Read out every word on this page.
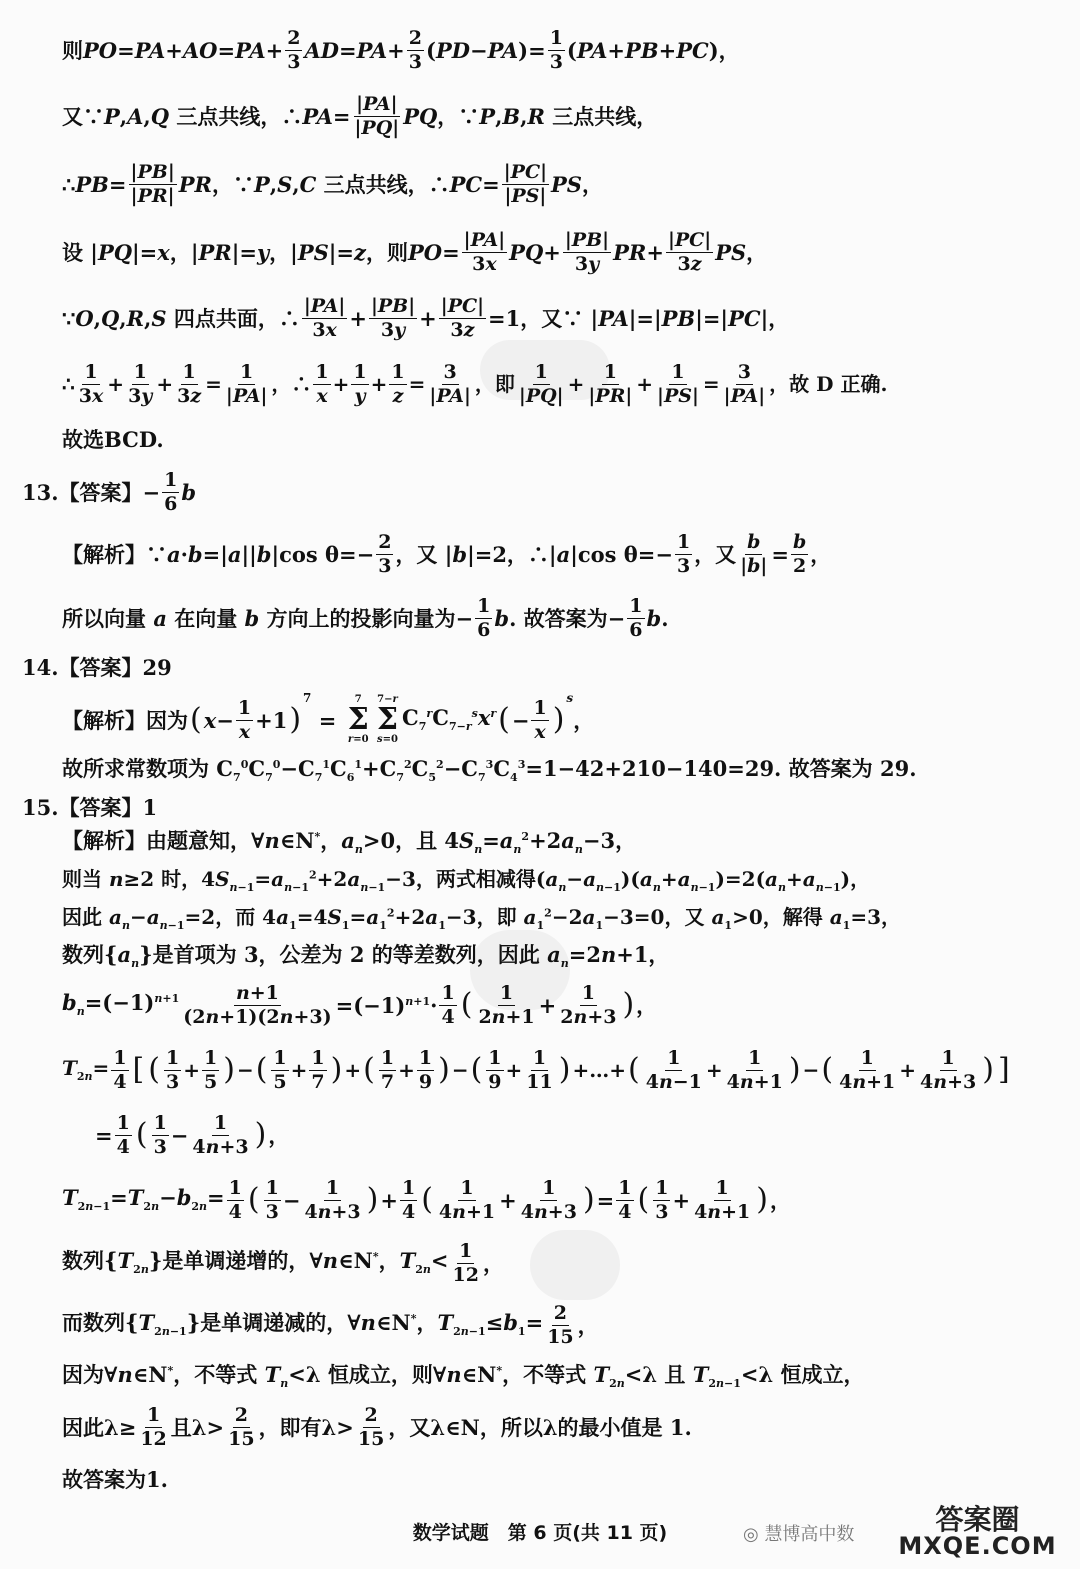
则$PO=PA+AO=PA+ \frac{2}{3} AD=PA+ \frac{2}{3} (PD-PA)= \frac{1}{3} (PA+PB+PC)$，
又∵P,A,Q 三点共线，∴PA= $\frac{|PA|}{|PQ|}$ PQ，∵P,B,R 三点共线，
∴PB= $\frac{|PB|}{|PR|}$ PR，∵P,S,C 三点共线，∴PC= $\frac{|PC|}{|PS|}$ PS，
设 |PQ|=x，|PR|=y，|PS|=z，则$PO= \frac{|PA|}{3x} PQ+ \frac{|PB|}{3y} PR+ \frac{|PC|}{3z}$ PS，
∵O,Q,R,S 四点共面，∴ $\frac{|PA|}{3x} + \frac{|PB|}{3y} + \frac{|PC|}{3z} =1$，又∵ |PA|=|PB|=|PC|，
∴ $\frac{1}{3x} + \frac{1}{3y} + \frac{1}{3z} = \frac{1}{|PA|}$ ，∴ $\frac{1}{x} + \frac{1}{y} + \frac{1}{z} = \frac{3}{|PA|}$ ，即 $\frac{1}{|PQ|} + \frac{1}{|PR|} + \frac{1}{|PS|} = \frac{3}{|PA|}$ ，故 D 正确.
故选BCD.
13.【答案】− $\frac{1}{6}$ b
【解析】∵a·b=|a||b|cos $\theta=- \frac{2}{3}$ ，又 |b|=2，∴|a|cos $\theta=- \frac{1}{3}$ ，又 $\frac{b}{|b|} = \frac{b}{2}$ ，
所以向量 a 在向量 b 方向上的投影向量为− $\frac{1}{6} b$. 故答案为− $\frac{1}{6} b$.
14.【答案】29
【解析】因为 ( $x- \frac{1}{x} +1$ )
7
=
7
Σ
r=0
7−r
Σ
s=0
$C_7^rC_{7-r}^sx^r$ ( − $\frac{1}{x}$ )
s
，
故所求常数项为 $C_7^0C_7^0-C_7^1C_6^1+C_7^2C_5^2-C_7^3C_4^3=1-42+210-140=29$. 故答案为 29.
15.【答案】1
【解析】由题意知，∀n∈N*，$a_n>0$，且 $4S_n=a_n^2+2a_n-3$，
则当 n≥2 时，$4S_{n-1}=a_{n-1}^2+2a_{n-1}-3$，两式相减得$(a_n-a_{n-1})(a_n+a_{n-1})=2(a_n+a_{n-1})$，
因此 $a_n-a_{n-1}=2$，而 $4a_1=4S_1=a_1^2+2a_1-3$，即 $a_1^2-2a_1-3=0$，又 $a_1>0$，解得 $a_1=3$，
数列$\{a_n\}$是首项为 3，公差为 2 的等差数列，因此 $a_n=2n+1$，
$b_n=(-1)^{n+1} \frac{n+1}{(2n+1)(2n+3)} =(-1)^{n+1}\cdot \frac{1}{4}$ ( $\frac{1}{2n+1} + \frac{1}{2n+3}$ ) ，
$T_{2n}= \frac{1}{4}$ [ ( $\frac{1}{3} + \frac{1}{5}$ ) − ( $\frac{1}{5} + \frac{1}{7}$ ) + ( $\frac{1}{7} + \frac{1}{9}$ ) − ( $\frac{1}{9} + \frac{1}{11}$ ) +…+ ( $\frac{1}{4n-1} + \frac{1}{4n+1}$ ) − ( $\frac{1}{4n+1} + \frac{1}{4n+3}$ ) ]
= $\frac{1}{4}$ ( $\frac{1}{3} - \frac{1}{4n+3}$ ) ，
$T_{2n-1}=T_{2n}-b_{2n}= \frac{1}{4}$ ( $\frac{1}{3} - \frac{1}{4n+3}$ ) + $\frac{1}{4}$ ( $\frac{1}{4n+1} + \frac{1}{4n+3}$ ) = $\frac{1}{4}$ ( $\frac{1}{3} + \frac{1}{4n+1}$ ) ，
数列$\{T_{2n}\}$是单调递增的，∀n∈N*，$T_{2n}< \frac{1}{12}$ ，
而数列$\{T_{2n-1}\}$是单调递减的，∀n∈N*，$T_{2n-1}\le b_1= \frac{2}{15}$ ，
因为∀n∈N*，不等式 $T_n<\lambda$ 恒成立，则∀n∈N*，不等式 $T_{2n}<\lambda$ 且 $T_{2n-1}<\lambda$ 恒成立，
因此$\lambda\ge \frac{1}{12}$ 且$\lambda> \frac{2}{15}$ ，即有$\lambda> \frac{2}{15}$ ，又λ∈N，所以λ的最小值是 1.
故答案为1.
数学试题　第 6 页(共 11 页)	◎ 慧博高中数	答案圈
MXQE.COM
